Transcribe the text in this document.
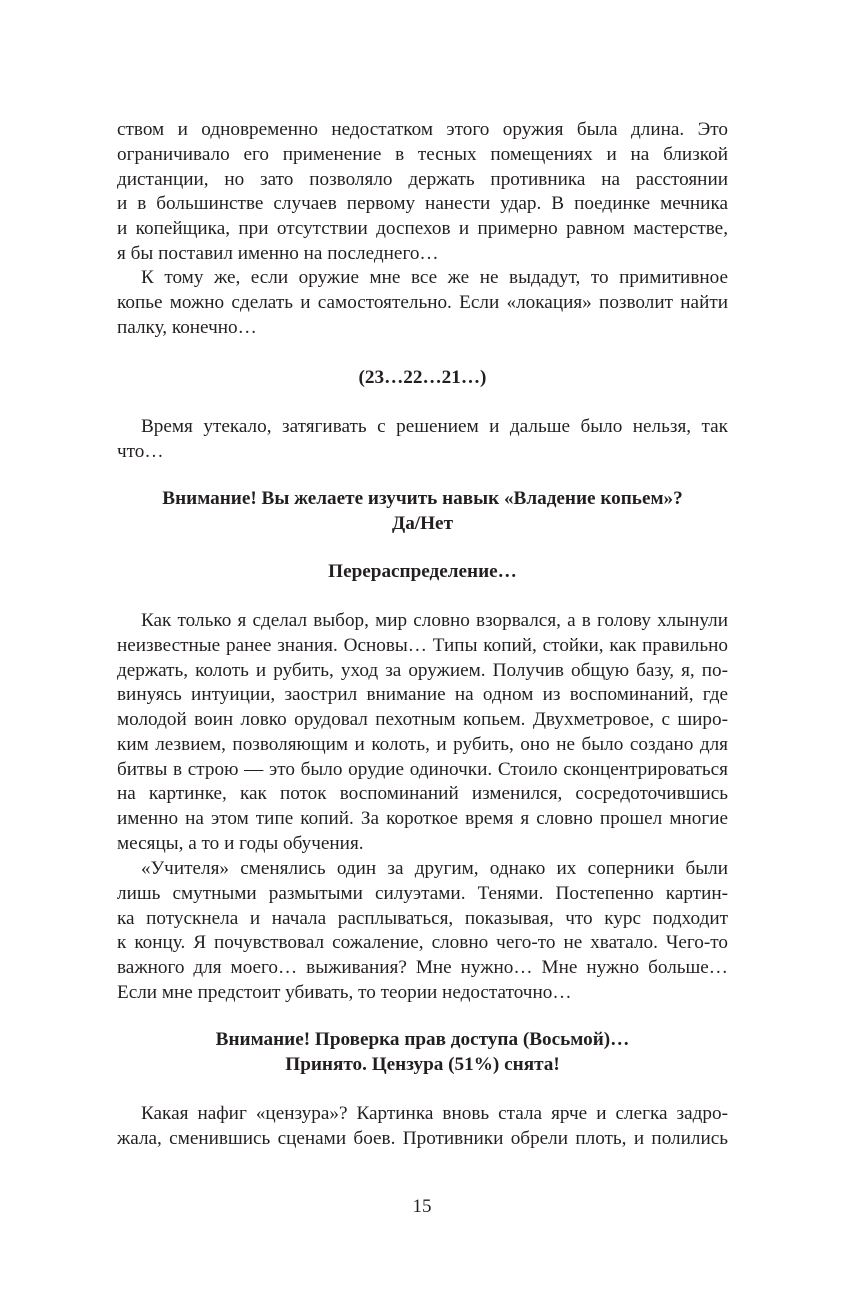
ством и одновременно недостатком этого оружия была длина. Это
ограничивало его применение в тесных помещениях и на близкой
дистанции, но зато позволяло держать противника на расстоянии
и в большинстве случаев первому нанести удар. В поединке мечника
и копейщика, при отсутствии доспехов и примерно равном мастерстве,
я бы поставил именно на последнего…
К тому же, если оружие мне все же не выдадут, то примитивное
копье можно сделать и самостоятельно. Если «локация» позволит найти
палку, конечно…
(23…22…21…)
Время утекало, затягивать с решением и дальше было нельзя, так
что…
Внимание! Вы желаете изучить навык «Владение копьем»?
Да/Нет
Перераспределение…
Как только я сделал выбор, мир словно взорвался, а в голову хлынули
неизвестные ранее знания. Основы… Типы копий, стойки, как правильно
держать, колоть и рубить, уход за оружием. Получив общую базу, я, по-
винуясь интуиции, заострил внимание на одном из воспоминаний, где
молодой воин ловко орудовал пехотным копьем. Двухметровое, с широ-
ким лезвием, позволяющим и колоть, и рубить, оно не было создано для
битвы в строю — это было орудие одиночки. Стоило сконцентрироваться
на картинке, как поток воспоминаний изменился, сосредоточившись
именно на этом типе копий. За короткое время я словно прошел многие
месяцы, а то и годы обучения.
«Учителя» сменялись один за другим, однако их соперники были
лишь смутными размытыми силуэтами. Тенями. Постепенно картин-
ка потускнела и начала расплываться, показывая, что курс подходит
к концу. Я почувствовал сожаление, словно чего-то не хватало. Чего-то
важного для моего… выживания? Мне нужно… Мне нужно больше…
Если мне предстоит убивать, то теории недостаточно…
Внимание! Проверка прав доступа (Восьмой)…
Принято. Цензура (51%) снята!
Какая нафиг «цензура»? Картинка вновь стала ярче и слегка задро-
жала, сменившись сценами боев. Противники обрели плоть, и полились
15
